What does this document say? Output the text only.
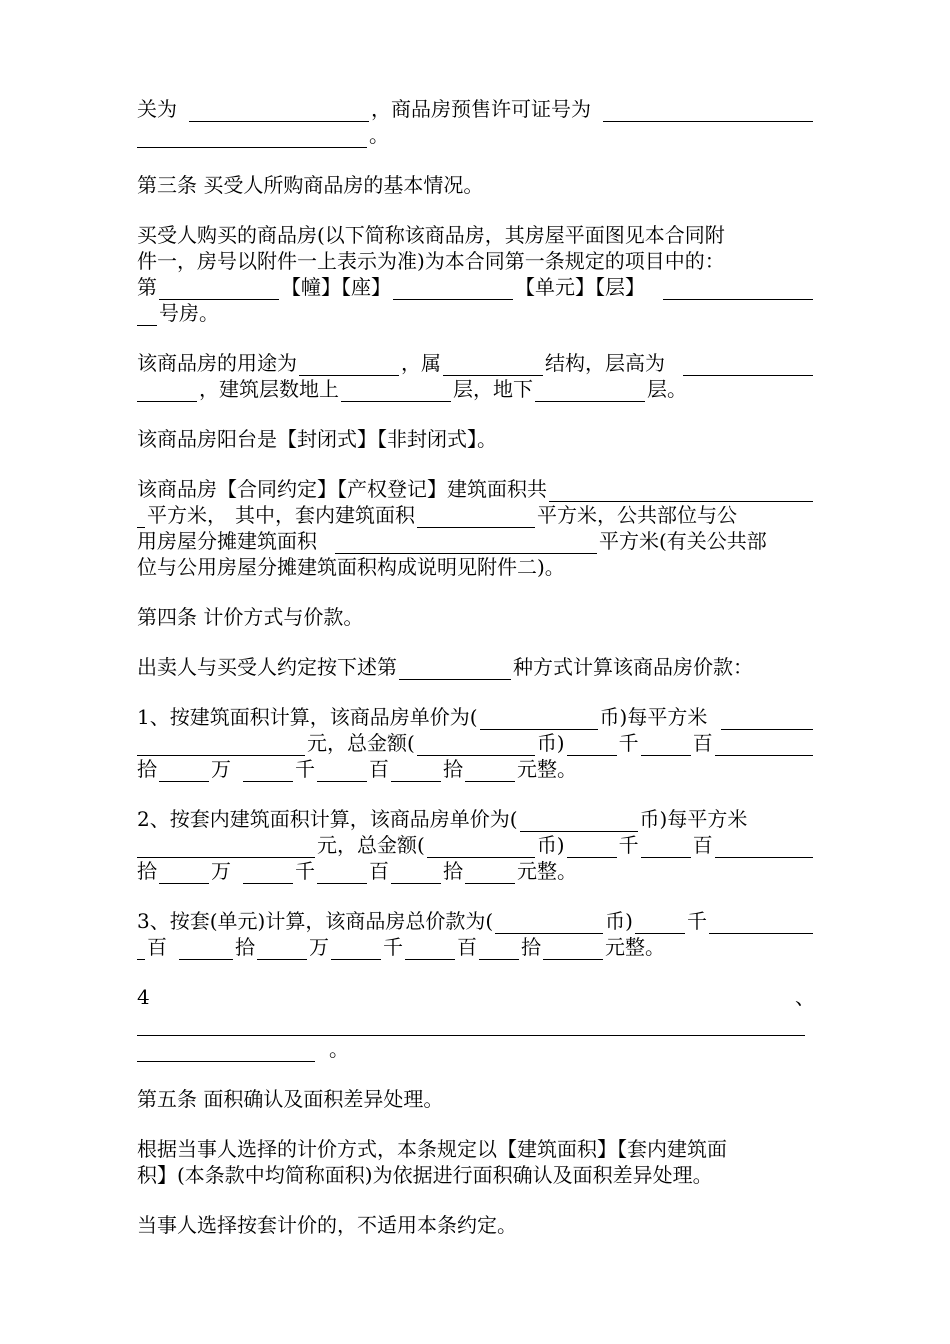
关为	，商品房预售许可证号为
。
第三条 买受人所购商品房的基本情况。
买受人购买的商品房(以下简称该商品房，其房屋平面图见本合同附
件一，房号以附件一上表示为准)为本合同第一条规定的项目中的：
第	【幢】【座】	【单元】【层】
号房。
该商品房的用途为	，属	结构，层高为
，建筑层数地上	层，地下	层。
该商品房阳台是【封闭式】【非封闭式】。
该商品房【合同约定】【产权登记】建筑面积共
平方米， 其中，套内建筑面积	平方米，公共部位与公
用房屋分摊建筑面积	平方米(有关公共部
位与公用房屋分摊建筑面积构成说明见附件二)。
第四条 计价方式与价款。
出卖人与买受人约定按下述第	种方式计算该商品房价款：
1、按建筑面积计算，该商品房单价为(	币)每平方米
元，总金额(	币)	千	百
拾	万	千	百	拾	元整。
2、按套内建筑面积计算，该商品房单价为(	币)每平方米
元，总金额(	币)	千	百
拾	万	千	百	拾	元整。
3、按套(单元)计算，该商品房总价款为(	币)	千
百	拾	万	千	百 拾	元整。
4	、
。
第五条 面积确认及面积差异处理。
根据当事人选择的计价方式，本条规定以【建筑面积】【套内建筑面
积】(本条款中均简称面积)为依据进行面积确认及面积差异处理。
当事人选择按套计价的，不适用本条约定。
